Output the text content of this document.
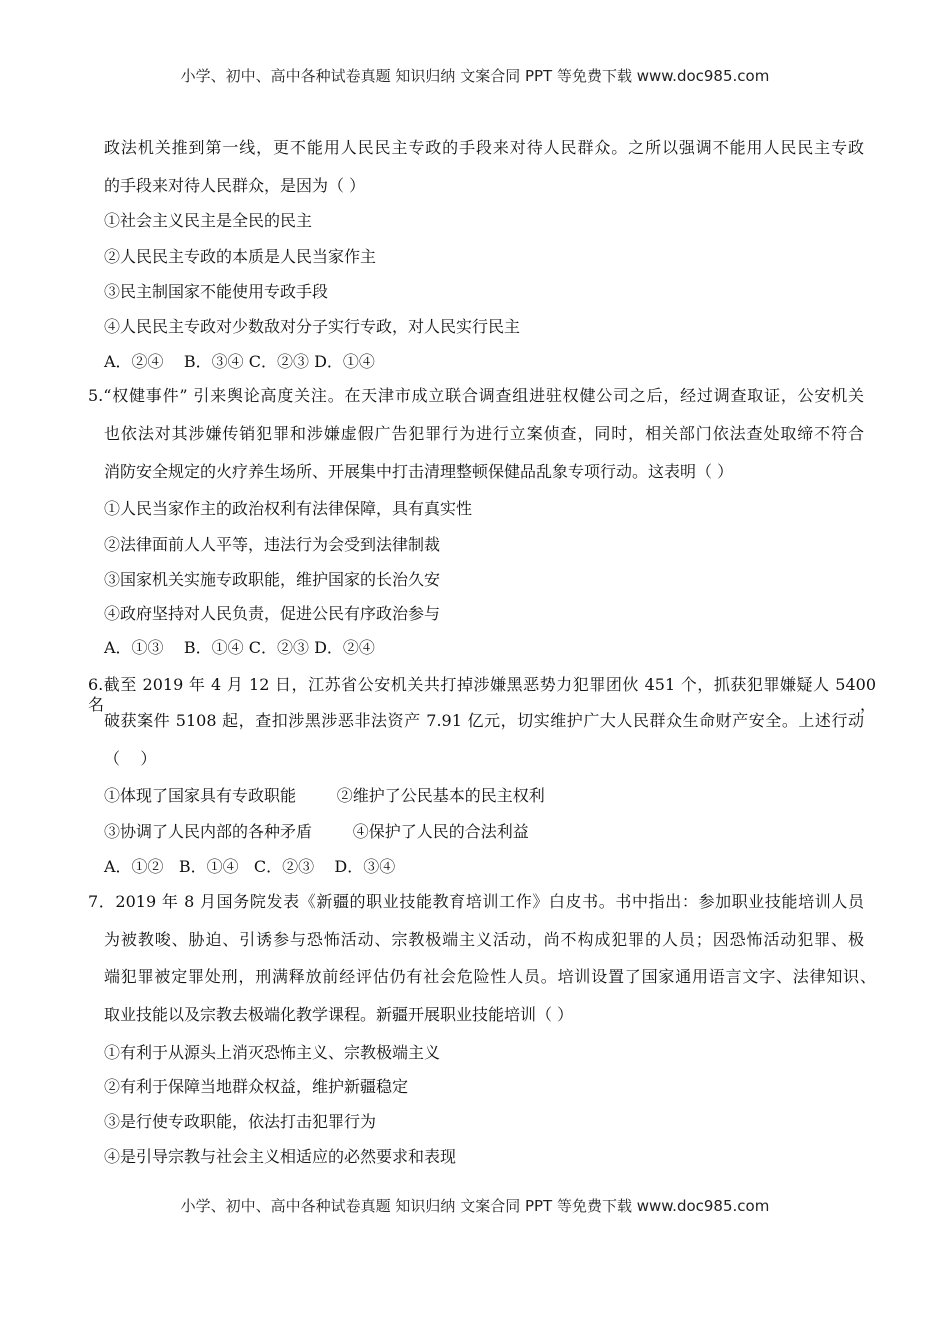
小学、初中、高中各种试卷真题 知识归纳 文案合同 PPT 等免费下载 www.doc985.com
政法机关推到第一线，更不能用人民民主专政的手段来对待人民群众。之所以强调不能用人民民主专政
的手段来对待人民群众，是因为（ ）
①社会主义民主是全民的民主
②人民民主专政的本质是人民当家作主
③民主制国家不能使用专政手段
④人民民主专政对少数敌对分子实行专政，对人民实行民主
A．②④    B．③④ C．②③ D．①④
5.“权健事件” 引来舆论高度关注。在天津市成立联合调查组进驻权健公司之后，经过调查取证，公安机关
也依法对其涉嫌传销犯罪和涉嫌虚假广告犯罪行为进行立案侦查，同时，相关部门依法查处取缔不符合
消防安全规定的火疗养生场所、开展集中打击清理整顿保健品乱象专项行动。这表明（ ）
①人民当家作主的政治权利有法律保障，具有真实性
②法律面前人人平等，违法行为会受到法律制裁
③国家机关实施专政职能，维护国家的长治久安
④政府坚持对人民负责，促进公民有序政治参与
A．①③    B．①④ C．②③ D．②④
6.截至 2019 年 4 月 12 日，江苏省公安机关共打掉涉嫌黑恶势力犯罪团伙 451 个，抓获犯罪嫌疑人 5400 名，
破获案件 5108 起，查扣涉黑涉恶非法资产 7.91 亿元，切实维护广大人民群众生命财产安全。上述行动
（    ）
①体现了国家具有专政职能        ②维护了公民基本的民主权利
③协调了人民内部的各种矛盾        ④保护了人民的合法利益
A．①②   B．①④   C．②③    D．③④
7．2019 年 8 月国务院发表《新疆的职业技能教育培训工作》白皮书。书中指出：参加职业技能培训人员
为被教唆、胁迫、引诱参与恐怖活动、宗教极端主义活动，尚不构成犯罪的人员；因恐怖活动犯罪、极
端犯罪被定罪处刑，刑满释放前经评估仍有社会危险性人员。培训设置了国家通用语言文字、法律知识、
取业技能以及宗教去极端化教学课程。新疆开展职业技能培训（ ）
①有利于从源头上消灭恐怖主义、宗教极端主义
②有利于保障当地群众权益，维护新疆稳定
③是行使专政职能，依法打击犯罪行为
④是引导宗教与社会主义相适应的必然要求和表现
小学、初中、高中各种试卷真题 知识归纳 文案合同 PPT 等免费下载 www.doc985.com
